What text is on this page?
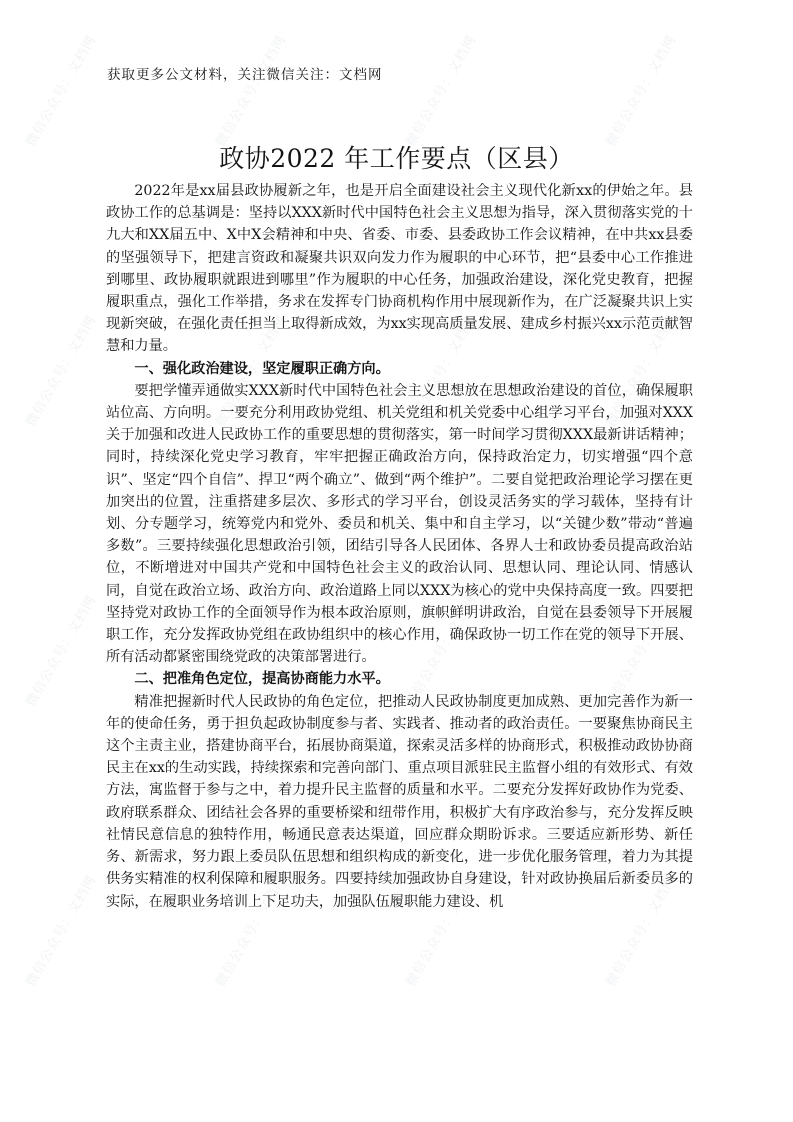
微信公众号：文档网	微信公众号：文档网	微信公众号：文档网	微信公众号：文档网
微信公众号：文档网	微信公众号：文档网	微信公众号：文档网	微信公众号：文档网
微信公众号：文档网	微信公众号：文档网	微信公众号：文档网	微信公众号：文档网
微信公众号：文档网	微信公众号：文档网	微信公众号：文档网	微信公众号：文档网
获取更多公文材料，关注微信关注：文档网
政协2022 年工作要点（区县）

2022年是xx届县政协履新之年，也是开启全面建设社会主义现代化新xx的伊始之年。县政协工作的总基调是：坚持以XXX新时代中国特色社会主义思想为指导，深入贯彻落实党的十九大和XX届五中、X中X会精神和中央、省委、市委、县委政协工作会议精神，在中共xx县委的坚强领导下，把建言资政和凝聚共识双向发力作为履职的中心环节，把“县委中心工作推进到哪里、政协履职就跟进到哪里”作为履职的中心任务，加强政治建设，深化党史教育，把握履职重点，强化工作举措，务求在发挥专门协商机构作用中展现新作为，在广泛凝聚共识上实现新突破，在强化责任担当上取得新成效，为xx实现高质量发展、建成乡村振兴xx示范贡献智慧和力量。

一、强化政治建设，坚定履职正确方向。

要把学懂弄通做实XXX新时代中国特色社会主义思想放在思想政治建设的首位，确保履职站位高、方向明。一要充分利用政协党组、机关党组和机关党委中心组学习平台，加强对XXX关于加强和改进人民政协工作的重要思想的贯彻落实，第一时间学习贯彻XXX最新讲话精神；同时，持续深化党史学习教育，牢牢把握正确政治方向，保持政治定力，切实增强“四个意识”、坚定“四个自信”、捍卫“两个确立”、做到“两个维护”。二要自觉把政治理论学习摆在更加突出的位置，注重搭建多层次、多形式的学习平台，创设灵活务实的学习载体，坚持有计划、分专题学习，统筹党内和党外、委员和机关、集中和自主学习，以“关键少数”带动“普遍多数”。三要持续强化思想政治引领，团结引导各人民团体、各界人士和政协委员提高政治站位，不断增进对中国共产党和中国特色社会主义的政治认同、思想认同、理论认同、情感认同，自觉在政治立场、政治方向、政治道路上同以XXX为核心的党中央保持高度一致。四要把坚持党对政协工作的全面领导作为根本政治原则，旗帜鲜明讲政治，自觉在县委领导下开展履职工作，充分发挥政协党组在政协组织中的核心作用，确保政协一切工作在党的领导下开展、所有活动都紧密围绕党政的决策部署进行。

二、把准角色定位，提高协商能力水平。

精准把握新时代人民政协的角色定位，把推动人民政协制度更加成熟、更加完善作为新一年的使命任务，勇于担负起政协制度参与者、实践者、推动者的政治责任。一要聚焦协商民主这个主责主业，搭建协商平台，拓展协商渠道，探索灵活多样的协商形式，积极推动政协协商民主在xx的生动实践，持续探索和完善向部门、重点项目派驻民主监督小组的有效形式、有效方法，寓监督于参与之中，着力提升民主监督的质量和水平。二要充分发挥好政协作为党委、政府联系群众、团结社会各界的重要桥梁和纽带作用，积极扩大有序政治参与，充分发挥反映社情民意信息的独特作用，畅通民意表达渠道，回应群众期盼诉求。三要适应新形势、新任务、新需求，努力跟上委员队伍思想和组织构成的新变化，进一步优化服务管理，着力为其提供务实精准的权利保障和履职服务。四要持续加强政协自身建设，针对政协换届后新委员多的实际，在履职业务培训上下足功夫，加强队伍履职能力建设、机
